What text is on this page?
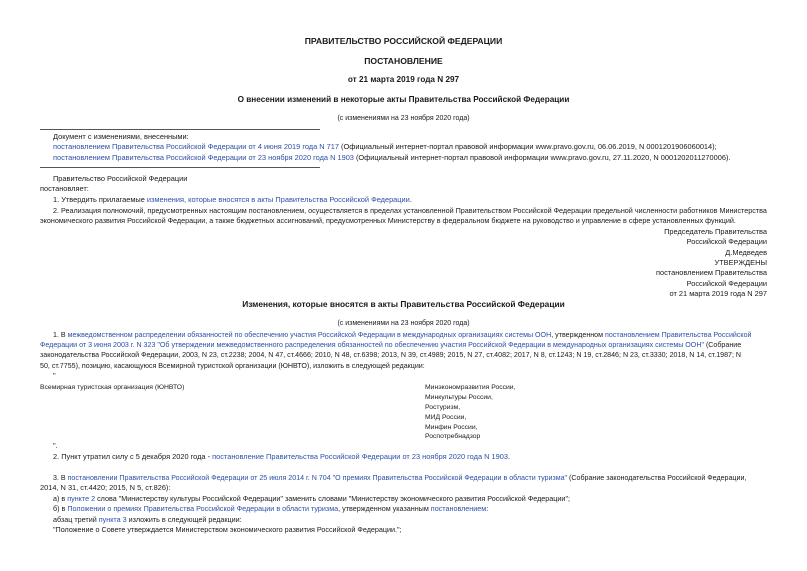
ПРАВИТЕЛЬСТВО РОССИЙСКОЙ ФЕДЕРАЦИИ
ПОСТАНОВЛЕНИЕ
от 21 марта 2019 года N 297
О внесении изменений в некоторые акты Правительства Российской Федерации
(с изменениями на 23 ноября 2020 года)
Документ с изменениями, внесенными:
постановлением Правительства Российской Федерации от 4 июня 2019 года N 717 (Официальный интернет-портал правовой информации www.pravo.gov.ru, 06.06.2019, N 0001201906060014);
постановлением Правительства Российской Федерации от 23 ноября 2020 года N 1903 (Официальный интернет-портал правовой информации www.pravo.gov.ru, 27.11.2020, N 0001202011270006).
Правительство Российской Федерации
постановляет:
1. Утвердить прилагаемые изменения, которые вносятся в акты Правительства Российской Федерации.
2. Реализация полномочий, предусмотренных настоящим постановлением, осуществляется в пределах установленной Правительством Российской Федерации предельной численности работников Министерства
экономического развития Российской Федерации, а также бюджетных ассигнований, предусмотренных Министерству в федеральном бюджете на руководство и управление в сфере установленных функций.
Председатель Правительства
Российской Федерации
Д.Медведев
УТВЕРЖДЕНЫ
постановлением Правительства
Российской Федерации
от 21 марта 2019 года N 297
Изменения, которые вносятся в акты Правительства Российской Федерации
(с изменениями на 23 ноября 2020 года)
1. В межведомственном распределении обязанностей по обеспечению участия Российской Федерации в международных организациях системы ООН, утвержденном постановлением Правительства Российской
Федерации от 3 июня 2003 г. N 323 "Об утверждении межведомственного распределения обязанностей по обеспечению участия Российской Федерации в международных организациях системы ООН" (Собрание
законодательства Российской Федерации, 2003, N 23, ст.2238; 2004, N 47, ст.4666; 2010, N 48, ст.6398; 2013, N 39, ст.4989; 2015, N 27, ст.4082; 2017, N 8, ст.1243; N 19, ст.2846; N 23, ст.3330; 2018, N 14, ст.1987; N
50, ст.7755), позицию, касающуюся Всемирной туристской организации (ЮНВТО), изложить в следующей редакции:
"
Всемирная туристская организация (ЮНВТО)	Минэкономразвития России,
Минкультуры России,
Ростуризм,
МИД России,
Минфин России,
Роспотребнадзор
".
2. Пункт утратил силу с 5 декабря 2020 года - постановление Правительства Российской Федерации от 23 ноября 2020 года N 1903.
3. В постановлении Правительства Российской Федерации от 25 июля 2014 г. N 704 "О премиях Правительства Российской Федерации в области туризма" (Собрание законодательства Российской Федерации,
2014, N 31, ст.4420; 2015, N 5, ст.826):
а) в пункте 2 слова "Министерству культуры Российской Федерации" заменить словами "Министерству экономического развития Российской Федерации";
б) в Положении о премиях Правительства Российской Федерации в области туризма, утвержденном указанным постановлением:
абзац третий пункта 3 изложить в следующей редакции:
"Положение о Совете утверждается Министерством экономического развития Российской Федерации.";
